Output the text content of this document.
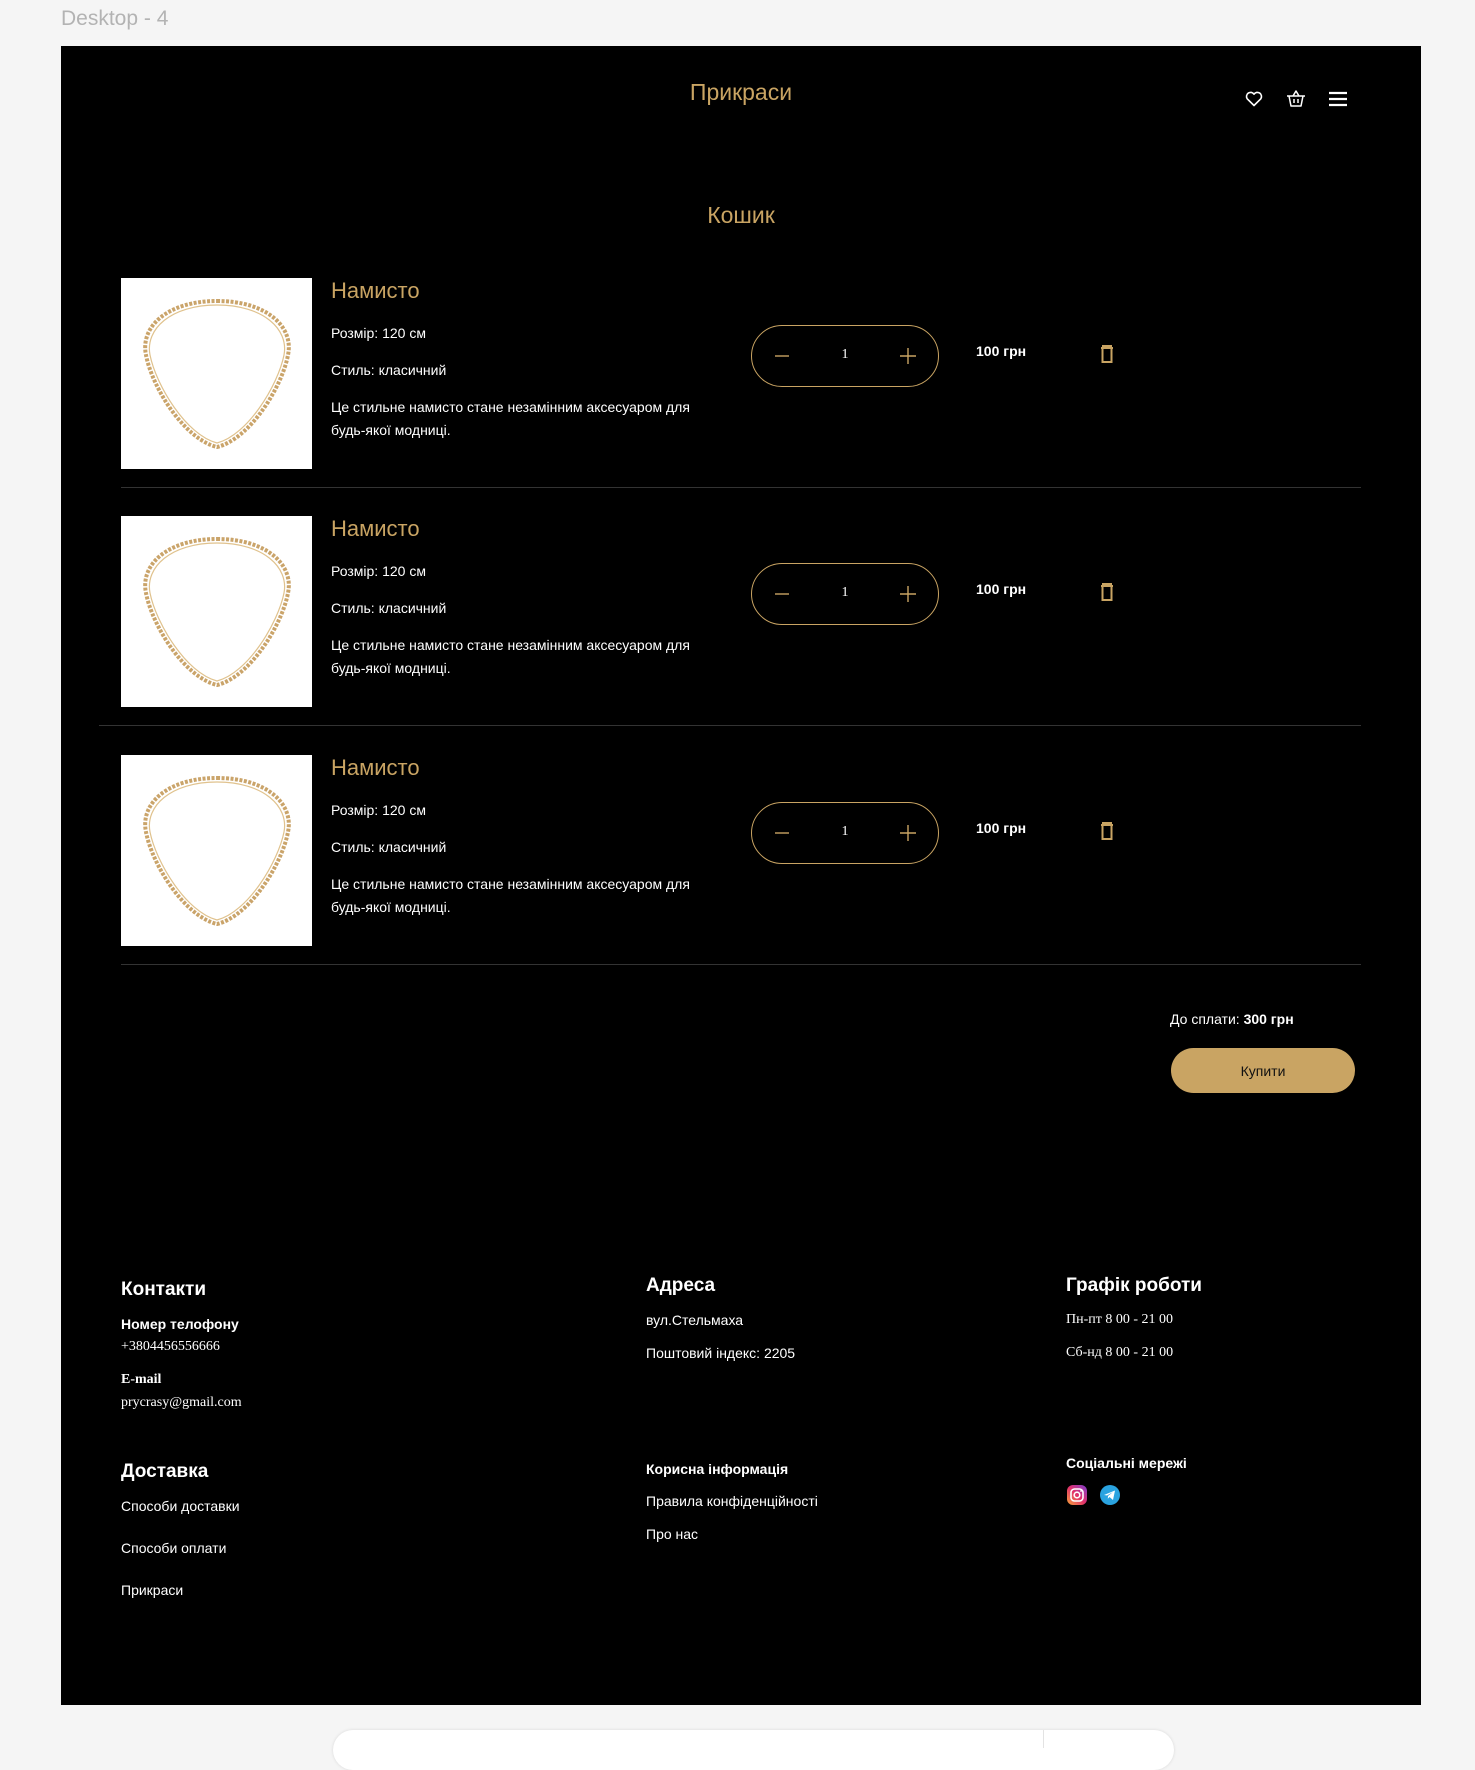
Desktop - 4
Прикраси
Кошик
Намисто
Розмір: 120 см
Стиль: класичний
Це стильне намисто стане незамінним аксесуаром для будь-якої модниці.
1	100 грн
Намисто
Розмір: 120 см
Стиль: класичний
Це стильне намисто стане незамінним аксесуаром для будь-якої модниці.
1	100 грн
Намисто
Розмір: 120 см
Стиль: класичний
Це стильне намисто стане незамінним аксесуаром для будь-якої модниці.
1	100 грн
До сплати: 300 грн
Купити
Контакти
Номер телофону
+3804456556666
E-mail
prycrasy@gmail.com
Адреса
вул.Стельмаха
Поштовий індекс: 2205
Графік роботи
Пн-пт 8 00 - 21 00
Сб-нд 8 00 - 21 00
Доставка
Способи доставки
Способи оплати
Прикраси
Корисна інформація
Правила конфіденційності
Про нас
Соціальні мережі
